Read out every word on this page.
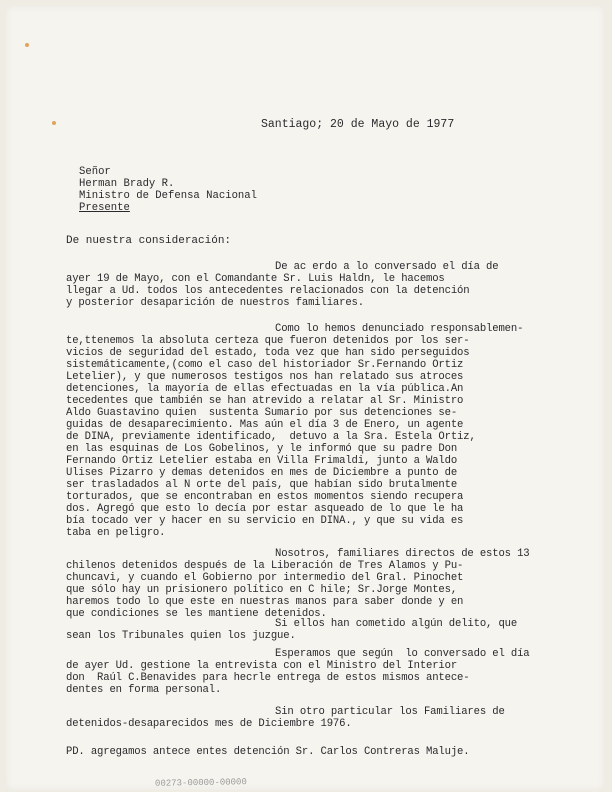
Santiago; 20 de Mayo de 1977
Señor
Herman Brady R.
Ministro de Defensa Nacional
Presente
De nuestra consideración:
De ac erdo a lo conversado el día de
ayer 19 de Mayo, con el Comandante Sr. Luis Haldn, le hacemos
llegar a Ud. todos los antecedentes relacionados con la detención
y posterior desaparición de nuestros familiares.
Como lo hemos denunciado responsablemen-
te,ttenemos la absoluta certeza que fueron detenidos por los ser-
vicios de seguridad del estado, toda vez que han sido perseguidos
sistemáticamente,(como el caso del historiador Sr.Fernando Ortiz
Letelier), y que numerosos testigos nos han relatado sus atroces
detenciones, la mayoría de ellas efectuadas en la vía pública.An
tecedentes que también se han atrevido a relatar al Sr. Ministro
Aldo Guastavino quien  sustenta Sumario por sus detenciones se-
guidas de desaparecimiento. Mas aún el día 3 de Enero, un agente
de DINA, previamente identificado,  detuvo a la Sra. Estela Ortiz,
en las esquinas de Los Gobelinos, y le informó que su padre Don
Fernando Ortiz Letelier estaba en Villa Frimaldi, junto a Waldo
Ulises Pizarro y demas detenidos en mes de Diciembre a punto de
ser trasladados al N orte del país, que habían sido brutalmente
torturados, que se encontraban en estos momentos siendo recupera
dos. Agregó que esto lo decía por estar asqueado de lo que le ha
bía tocado ver y hacer en su servicio en DINA., y que su vida es
taba en peligro.
Nosotros, familiares directos de estos 13
chilenos detenidos después de la Liberación de Tres Alamos y Pu-
chuncavi, y cuando el Gobierno por intermedio del Gral. Pinochet
que sólo hay un prisionero político en C hile; Sr.Jorge Montes,
haremos todo lo que este en nuestras manos para saber donde y en
que condiciones se les mantiene detenidos.
Si ellos han cometido algún delito, que
sean los Tribunales quien los juzgue.
Esperamos que según  lo conversado el día
de ayer Ud. gestione la entrevista con el Ministro del Interior
don  Raúl C.Benavides para hecrle entrega de estos mismos antece-
dentes en forma personal.
Sin otro particular los Familiares de
detenidos-desaparecidos mes de Diciembre 1976.
PD. agregamos antece entes detención Sr. Carlos Contreras Maluje.
00273-00000-00000
